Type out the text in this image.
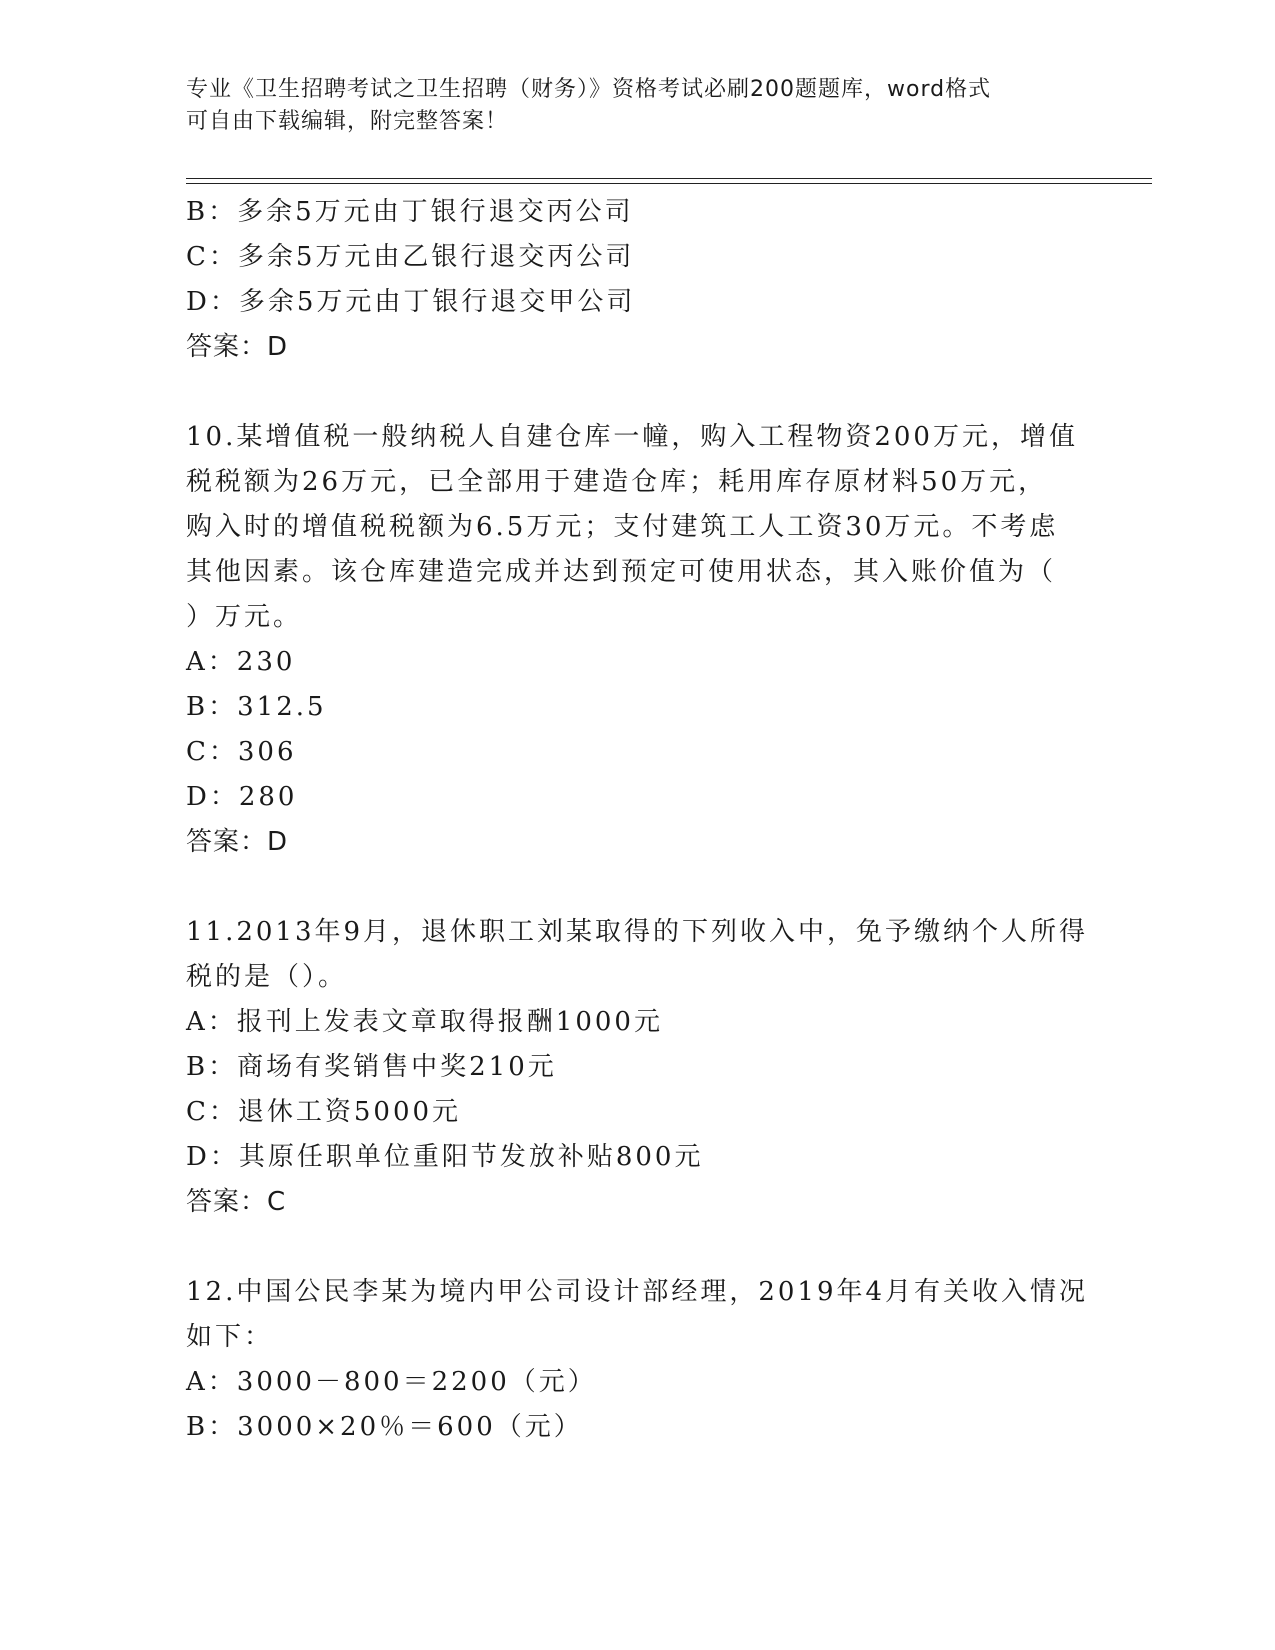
专业《卫生招聘考试之卫生招聘（财务）》资格考试必刷200题题库，word格式
可自由下载编辑，附完整答案！
B：多余5万元由丁银行退交丙公司
C：多余5万元由乙银行退交丙公司
D：多余5万元由丁银行退交甲公司
答案：D
10.某增值税一般纳税人自建仓库一幢，购入工程物资200万元，增值
税税额为26万元，已全部用于建造仓库；耗用库存原材料50万元，
购入时的增值税税额为6.5万元；支付建筑工人工资30万元。不考虑
其他因素。该仓库建造完成并达到预定可使用状态，其入账价值为（
）万元。
A：230
B：312.5
C：306
D：280
答案：D
11.2013年9月，退休职工刘某取得的下列收入中，免予缴纳个人所得
税的是（）。
A：报刊上发表文章取得报酬1000元
B：商场有奖销售中奖210元
C：退休工资5000元
D：其原任职单位重阳节发放补贴800元
答案：C
12.中国公民李某为境内甲公司设计部经理，2019年4月有关收入情况
如下：
A：3000－800＝2200（元）
B：3000×20％＝600（元）
